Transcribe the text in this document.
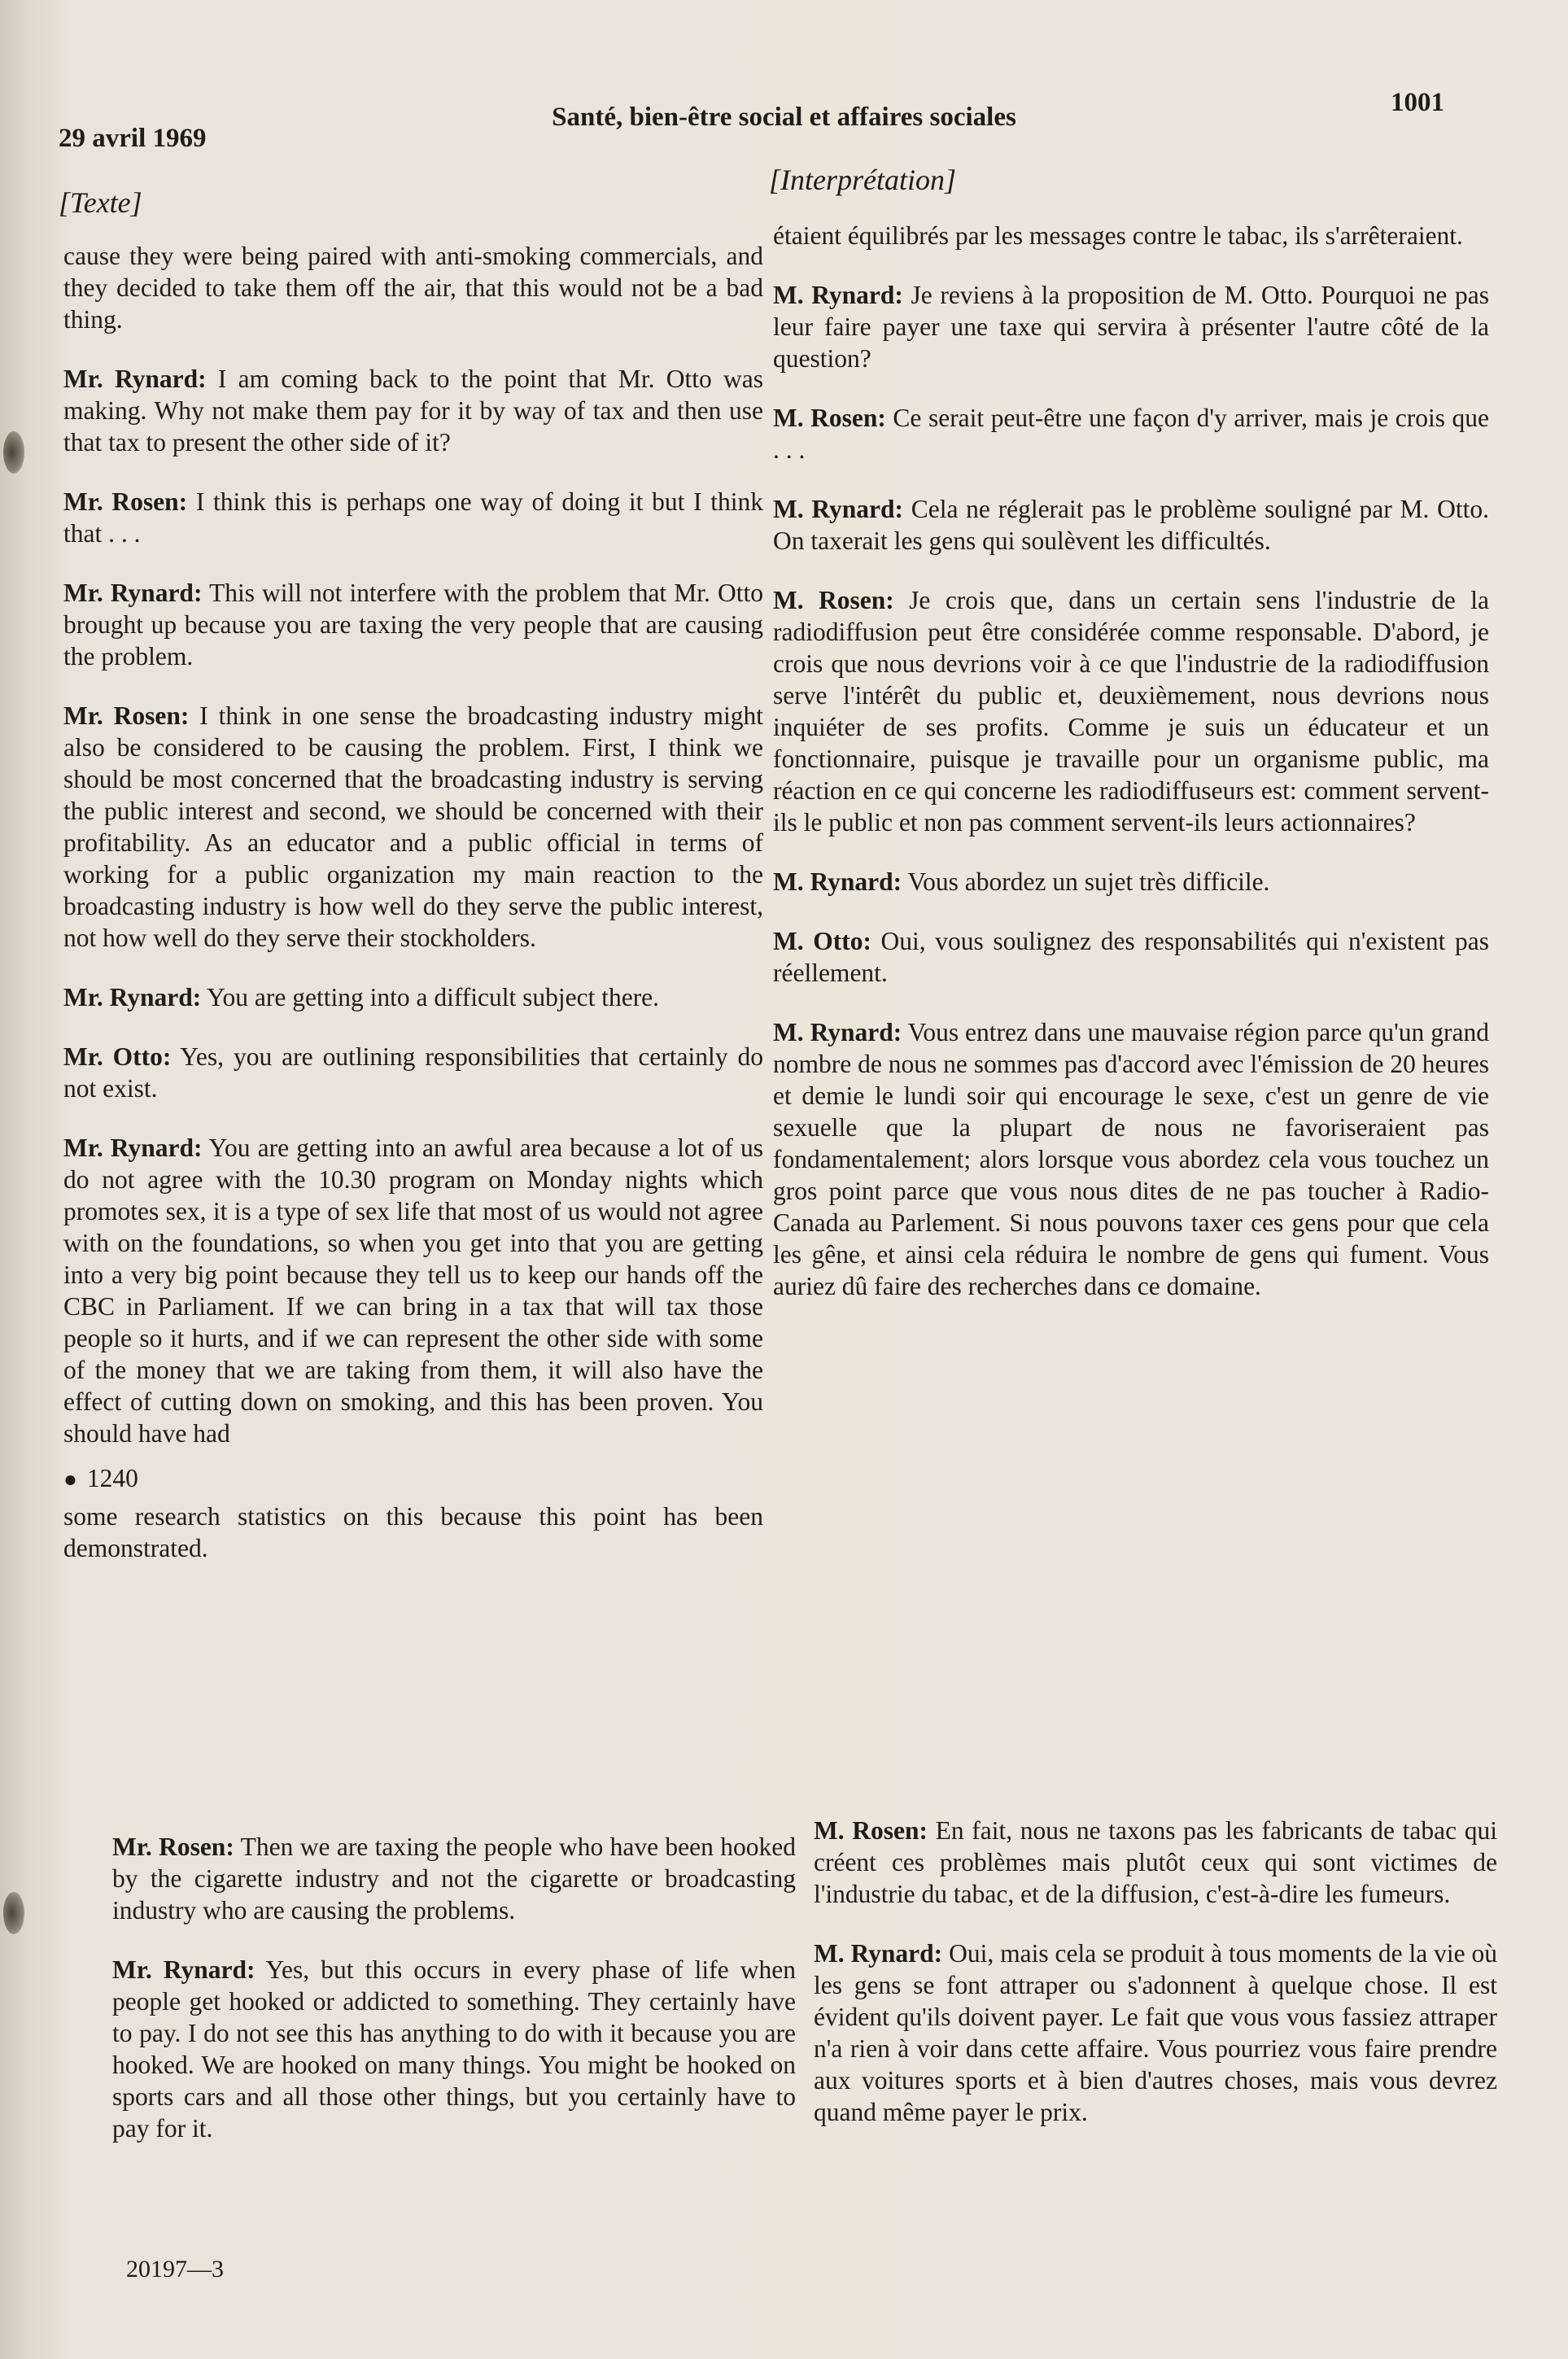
29 avril 1969
Santé, bien-être social et affaires sociales	1001
[Texte]
[Interprétation]

cause they were being paired with anti-smoking commercials, and they decided to take them off the air, that this would not be a bad thing.

Mr. Rynard: I am coming back to the point that Mr. Otto was making. Why not make them pay for it by way of tax and then use that tax to present the other side of it?

Mr. Rosen: I think this is perhaps one way of doing it but I think that . . .

Mr. Rynard: This will not interfere with the problem that Mr. Otto brought up because you are taxing the very people that are causing the problem.

Mr. Rosen: I think in one sense the broadcasting industry might also be considered to be causing the problem. First, I think we should be most concerned that the broadcasting industry is serving the public interest and second, we should be concerned with their profitability. As an educator and a public official in terms of working for a public organization my main reaction to the broadcasting industry is how well do they serve the public interest, not how well do they serve their stockholders.

Mr. Rynard: You are getting into a difficult subject there.

Mr. Otto: Yes, you are outlining responsibilities that certainly do not exist.

Mr. Rynard: You are getting into an awful area because a lot of us do not agree with the 10.30 program on Monday nights which promotes sex, it is a type of sex life that most of us would not agree with on the foundations, so when you get into that you are getting into a very big point because they tell us to keep our hands off the CBC in Parliament. If we can bring in a tax that will tax those people so it hurts, and if we can represent the other side with some of the money that we are taking from them, it will also have the effect of cutting down on smoking, and this has been proven. You should have had

● 1240

some research statistics on this because this point has been demonstrated.

Mr. Rosen: Then we are taxing the people who have been hooked by the cigarette industry and not the cigarette or broadcasting industry who are causing the problems.

Mr. Rynard: Yes, but this occurs in every phase of life when people get hooked or addicted to something. They certainly have to pay. I do not see this has anything to do with it because you are hooked. We are hooked on many things. You might be hooked on sports cars and all those other things, but you certainly have to pay for it.

étaient équilibrés par les messages contre le tabac, ils s'arrêteraient.

M. Rynard: Je reviens à la proposition de M. Otto. Pourquoi ne pas leur faire payer une taxe qui servira à présenter l'autre côté de la question?

M. Rosen: Ce serait peut-être une façon d'y arriver, mais je crois que . . .

M. Rynard: Cela ne réglerait pas le problème souligné par M. Otto. On taxerait les gens qui soulèvent les difficultés.

M. Rosen: Je crois que, dans un certain sens l'industrie de la radiodiffusion peut être considérée comme responsable. D'abord, je crois que nous devrions voir à ce que l'industrie de la radiodiffusion serve l'intérêt du public et, deuxièmement, nous devrions nous inquiéter de ses profits. Comme je suis un éducateur et un fonctionnaire, puisque je travaille pour un organisme public, ma réaction en ce qui concerne les radiodiffuseurs est: comment servent-ils le public et non pas comment servent-ils leurs actionnaires?

M. Rynard: Vous abordez un sujet très difficile.

M. Otto: Oui, vous soulignez des responsabilités qui n'existent pas réellement.

M. Rynard: Vous entrez dans une mauvaise région parce qu'un grand nombre de nous ne sommes pas d'accord avec l'émission de 20 heures et demie le lundi soir qui encourage le sexe, c'est un genre de vie sexuelle que la plupart de nous ne favoriseraient pas fondamentalement; alors lorsque vous abordez cela vous touchez un gros point parce que vous nous dites de ne pas toucher à Radio-Canada au Parlement. Si nous pouvons taxer ces gens pour que cela les gêne, et ainsi cela réduira le nombre de gens qui fument. Vous auriez dû faire des recherches dans ce domaine.

M. Rosen: En fait, nous ne taxons pas les fabricants de tabac qui créent ces problèmes mais plutôt ceux qui sont victimes de l'industrie du tabac, et de la diffusion, c'est-à-dire les fumeurs.

M. Rynard: Oui, mais cela se produit à tous moments de la vie où les gens se font attraper ou s'adonnent à quelque chose. Il est évident qu'ils doivent payer. Le fait que vous vous fassiez attraper n'a rien à voir dans cette affaire. Vous pourriez vous faire prendre aux voitures sports et à bien d'autres choses, mais vous devrez quand même payer le prix.

20197—3
